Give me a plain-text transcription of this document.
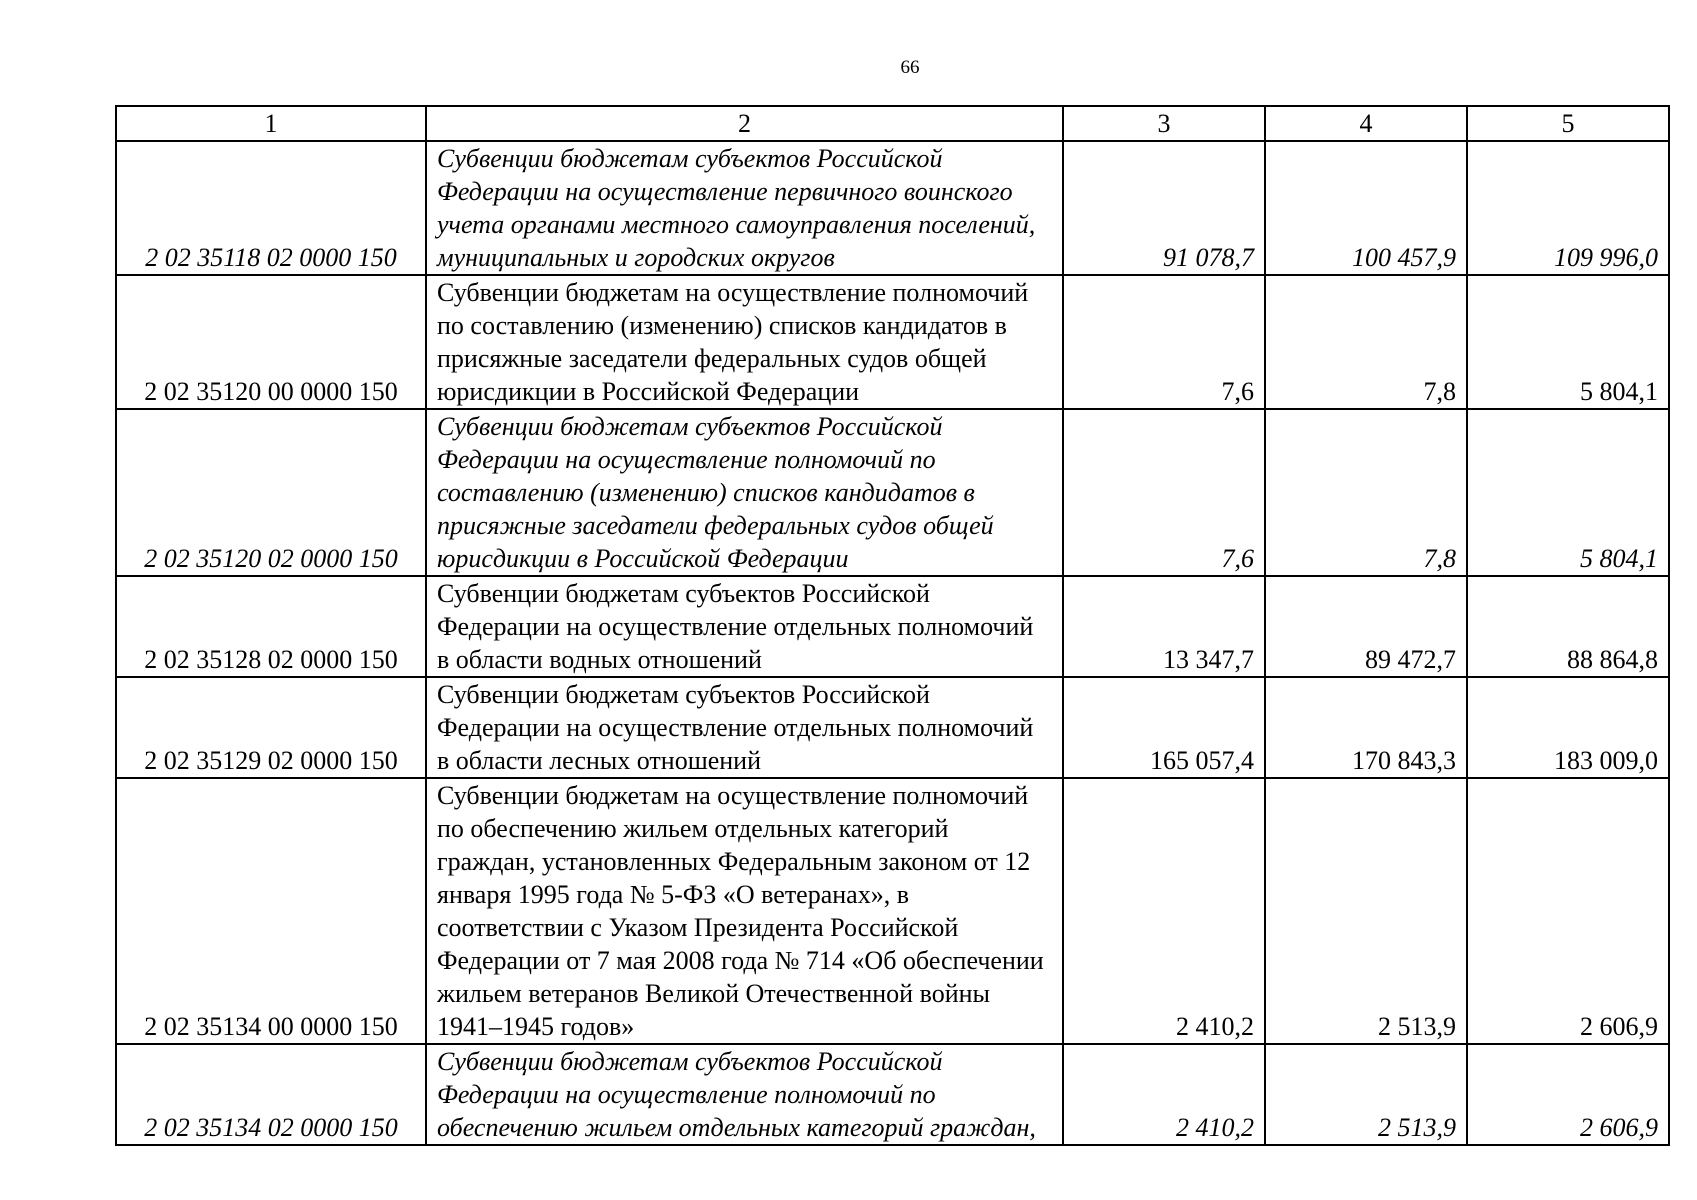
66
1	2	3	4	5
2 02 35118 02 0000 150	Субвенции бюджетам субъектов Российской Федерации на осуществление первичного воинского учета органами местного самоуправления поселений, муниципальных и городских округов	91 078,7	100 457,9	109 996,0
2 02 35120 00 0000 150	Субвенции бюджетам на осуществление полномочий по составлению (изменению) списков кандидатов в присяжные заседатели федеральных судов общей юрисдикции в Российской Федерации	7,6	7,8	5 804,1
2 02 35120 02 0000 150	Субвенции бюджетам субъектов Российской Федерации на осуществление полномочий по составлению (изменению) списков кандидатов в присяжные заседатели федеральных судов общей юрисдикции в Российской Федерации	7,6	7,8	5 804,1
2 02 35128 02 0000 150	Субвенции бюджетам субъектов Российской Федерации на осуществление отдельных полномочий в области водных отношений	13 347,7	89 472,7	88 864,8
2 02 35129 02 0000 150	Субвенции бюджетам субъектов Российской Федерации на осуществление отдельных полномочий в области лесных отношений	165 057,4	170 843,3	183 009,0
2 02 35134 00 0000 150	Субвенции бюджетам на осуществление полномочий по обеспечению жильем отдельных категорий граждан, установленных Федеральным законом от 12 января 1995 года № 5-ФЗ «О ветеранах», в соответствии с Указом Президента Российской Федерации от 7 мая 2008 года № 714 «Об обеспечении жильем ветеранов Великой Отечественной войны 1941–1945 годов»	2 410,2	2 513,9	2 606,9
2 02 35134 02 0000 150	Субвенции бюджетам субъектов Российской Федерации на осуществление полномочий по обеспечению жильем отдельных категорий граждан,	2 410,2	2 513,9	2 606,9
